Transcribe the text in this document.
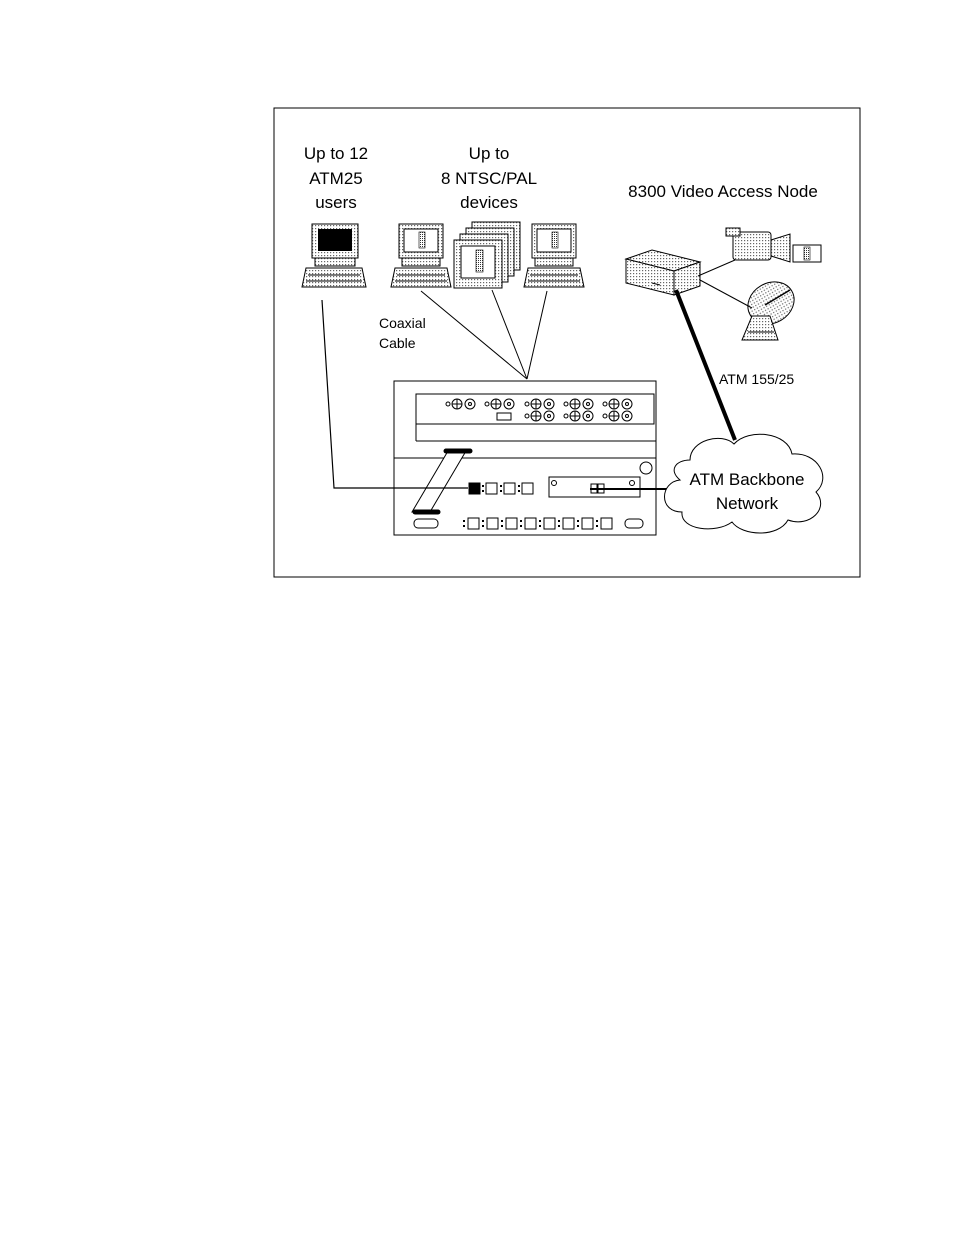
Up to 12
ATM25
users
Up to
8 NTSC/PAL
devices
8300 Video Access Node
Coaxial
Cable
ATM 155/25
ATM Backbone
Network
